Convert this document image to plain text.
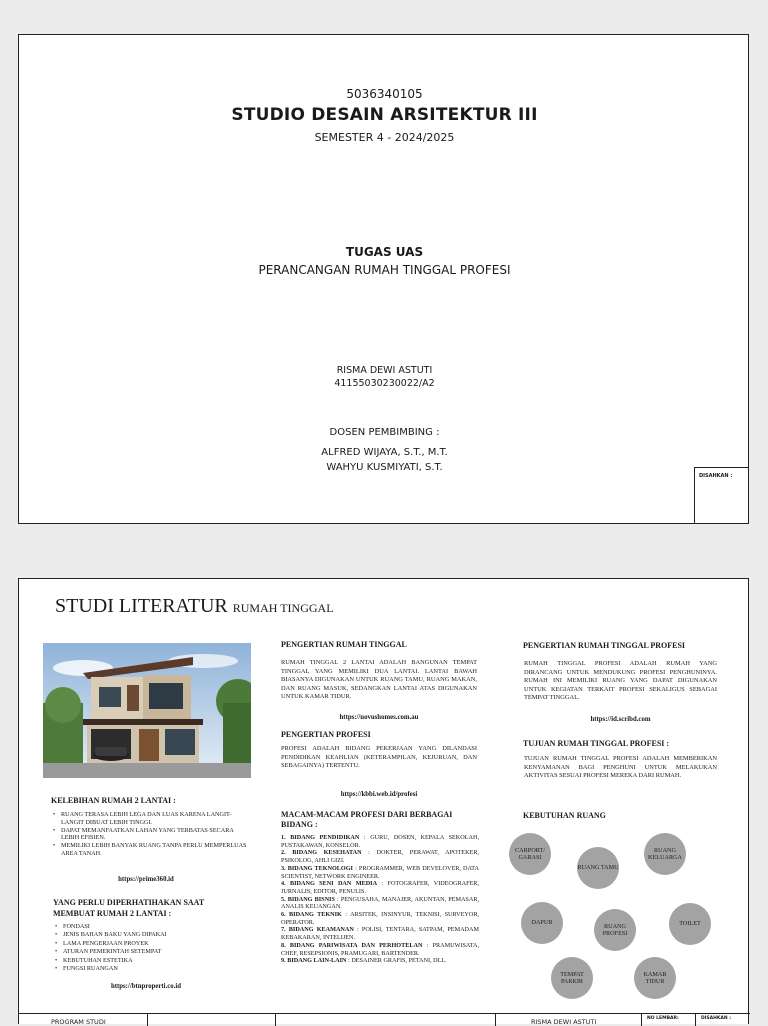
5036340105
STUDIO DESAIN ARSITEKTUR III
SEMESTER 4 - 2024/2025
TUGAS UAS
PERANCANGAN RUMAH TINGGAL PROFESI
RISMA DEWI ASTUTI
41155030230022/A2
DOSEN PEMBIMBING :
ALFRED WIJAYA, S.T., M.T.
WAHYU KUSMIYATI, S.T.
DISAHKAN :
STUDI LITERATUR RUMAH TINGGAL
KELEBIHAN RUMAH 2 LANTAI :
• RUANG TERASA LEBIH LEGA DAN LUAS KARENA LANGIT-LANGIT DIBUAT LEBIH TINGGI.
• DAPAT MEMANFAATKAN LAHAN YANG TERBATAS SECARA LEBIH EFISIEN.
• MEMILIKI LEBIH BANYAK RUANG TANPA PERLU MEMPERLUAS AREA TANAH.
https://prime360.id
YANG PERLU DIPERHATIHAKAN SAAT MEMBUAT RUMAH 2 LANTAI :
• FONDASI
• JENIS BAHAN BAKU YANG DIPAKAI
• LAMA PENGERJAAN PROYEK
• ATURAN PEMERINTAH SETEMPAT
• KEBUTUHAN ESTETIKA
• FUNGSI RUANGAN
https://btnproperti.co.id
PENGERTIAN RUMAH TINGGAL
RUMAH TINGGAL 2 LANTAI ADALAH BANGUNAN TEMPAT TINGGAL YANG MEMILIKI DUA LANTAI. LANTAI BAWAH BIASANYA DIGUNAKAN UNTUK RUANG TAMU, RUANG MAKAN, DAN RUANG MASUK, SEDANGKAN LANTAI ATAS DIGUNAKAN UNTUK KAMAR TIDUR.
https://novushomes.com.au
PENGERTIAN PROFESI
PROFESI ADALAH BIDANG PEKERJAAN YANG DILANDASI PENDIDIKAN KEAHLIAN (KETERAMPILAN, KEJURUAN, DAN SEBAGAINYA) TERTENTU.
https://kbbi.web.id/profesi
MACAM-MACAM PROFESI DARI BERBAGAI BIDANG :
1. BIDANG PENDIDIKAN : GURU, DOSEN, KEPALA SEKOLAH, PUSTAKAWAN, KONSELOR.
2. BIDANG KESEHATAN : DOKTER, PERAWAT, APOTEKER, PSIKOLOG, AHLI GIZI.
3. BIDANG TEKNOLOGI : PROGRAMMER, WEB DEVELOVER, DATA SCIENTIST, NETWORK ENGINEER.
4. BIDANG SENI DAN MEDIA : FOTOGRAFER, VIDEOGRAFER, JURNALIS, EDITOR, PENULIS.
5. BIDANG BISNIS : PENGUSAHA, MANAJER, AKUNTAN, PEMASAR, ANALIS KEUANGAN.
6. BIDANG TEKNIK : ARSITEK, INSINYUR, TEKNISI, SURVEYOR, OPERATOR.
7. BIDANG KEAMANAN : POLISI, TENTARA, SATPAM, PEMADAM KEBAKARAN, INTELIJEN.
8. BIDANG PARIWISATA DAN PERHOTELAN : PRAMUWISATA, CHEF, RESEPSIONIS, PRAMUGARI, BARTENDER.
9. BIDANG LAIN-LAIN : DESAINER GRAFIS, PETANI, DLL.
PENGERTIAN RUMAH TINGGAL PROFESI
RUMAH TINGGAL PROFESI ADALAH RUMAH YANG DIRANCANG UNTUK MENDUKUNG PROFESI PENGHUNINYA. RUMAH INI MEMILIKI RUANG YANG DAPAT DIGUNAKAN UNTUK KEGIATAN TERKAIT PROFESI SEKALIGUS SEBAGAI TEMPAT TINGGAL.
https://id.scribd.com
TUJUAN RUMAH TINGGAL PROFESI :
TUJUAN RUMAH TINGGAL PROFESI ADALAH MEMBERIKAN KENYAMANAN BAGI PENGHUNI UNTUK MELAKUKAN AKTIVITAS SESUAI PROFESI MEREKA DARI RUMAH.
KEBUTUHAN RUANG
CARPORT/ GARASI
RUANG TAMU
RUANG KELUARGA
DAPUR	RUANG PROFESI
TOILET
TEMPAT PARKIR
KAMAR TIDUR
PROGRAM STUDI	RISMA DEWI ASTUTI	NO LEMBAR:	DISAHKAN :
